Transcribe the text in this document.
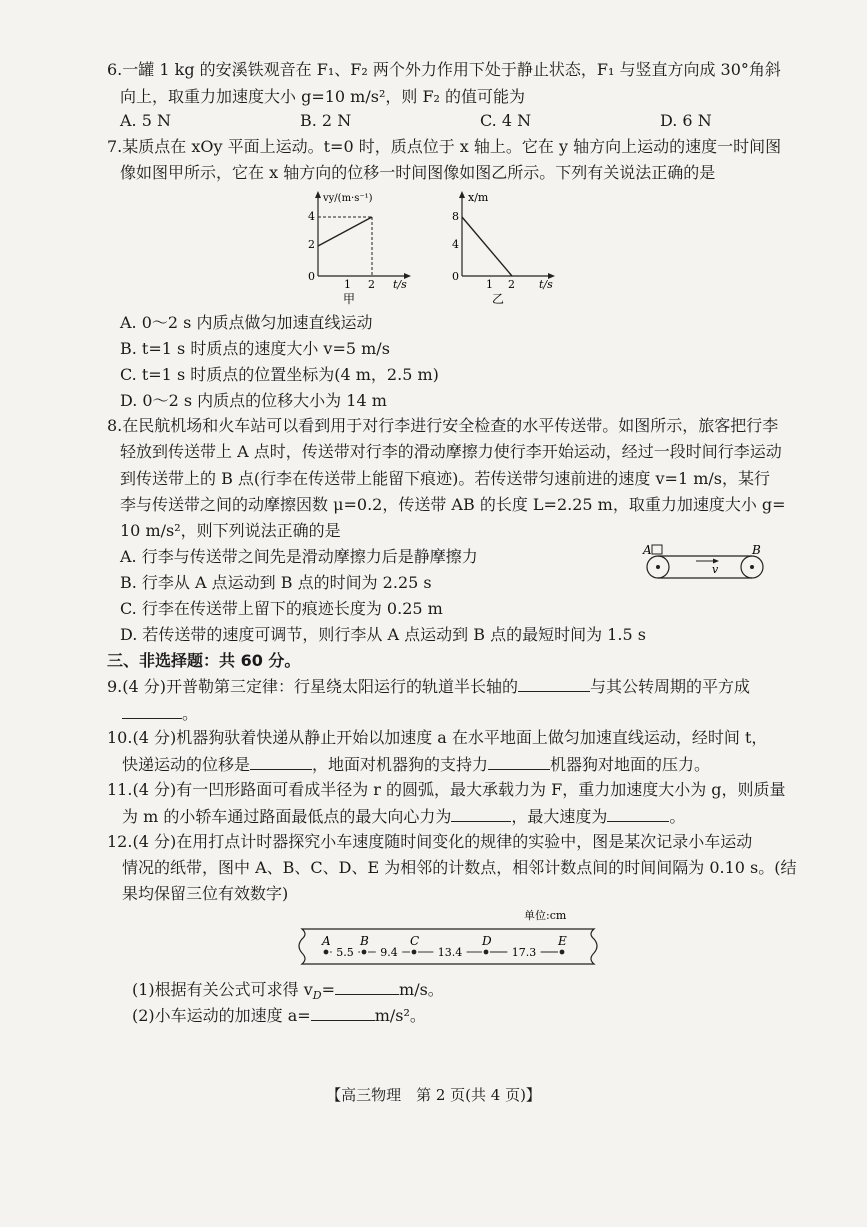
6.一罐 1 kg 的安溪铁观音在 F₁、F₂ 两个外力作用下处于静止状态，F₁ 与竖直方向成 30°角斜
向上，取重力加速度大小 g=10 m/s²，则 F₂ 的值可能为
A. 5 N	B. 2 N	C. 4 N	D. 6 N
7.某质点在 xOy 平面上运动。t=0 时，质点位于 x 轴上。它在 y 轴方向上运动的速度一时间图
像如图甲所示，它在 x 轴方向的位移一时间图像如图乙所示。下列有关说法正确的是
vy/(m·s⁻¹)
t/s
4
2
0
1 2
甲
x/m
t/s
8
4
0
1 2
乙
A. 0～2 s 内质点做匀加速直线运动
B. t=1 s 时质点的速度大小 v=5 m/s
C. t=1 s 时质点的位置坐标为(4 m，2.5 m)
D. 0～2 s 内质点的位移大小为 14 m
8.在民航机场和火车站可以看到用于对行李进行安全检查的水平传送带。如图所示，旅客把行李
轻放到传送带上 A 点时，传送带对行李的滑动摩擦力使行李开始运动，经过一段时间行李运动
到传送带上的 B 点(行李在传送带上能留下痕迹)。若传送带匀速前进的速度 v=1 m/s，某行
李与传送带之间的动摩擦因数 μ=0.2，传送带 AB 的长度 L=2.25 m，取重力加速度大小 g=
10 m/s²，则下列说法正确的是
A. 行李与传送带之间先是滑动摩擦力后是静摩擦力
B. 行李从 A 点运动到 B 点的时间为 2.25 s
C. 行李在传送带上留下的痕迹长度为 0.25 m
D. 若传送带的速度可调节，则行李从 A 点运动到 B 点的最短时间为 1.5 s
A	B
v
三、非选择题：共 60 分。
9.(4 分)开普勒第三定律：行星绕太阳运行的轨道半长轴的	与其公转周期的平方成
。
10.(4 分)机器狗驮着快递从静止开始以加速度 a 在水平地面上做匀加速直线运动，经时间 t，
快递运动的位移是	，地面对机器狗的支持力	机器狗对地面的压力。
11.(4 分)有一凹形路面可看成半径为 r 的圆弧，最大承载力为 F，重力加速度大小为 g，则质量
为 m 的小轿车通过路面最低点的最大向心力为	，最大速度为	。
12.(4 分)在用打点计时器探究小车速度随时间变化的规律的实验中，图是某次记录小车运动
情况的纸带，图中 A、B、C、D、E 为相邻的计数点，相邻计数点间的时间间隔为 0.10 s。(结
果均保留三位有效数字)
单位:cm
A B	C	D	E
5.5 9.4	13.4	17.3
(1)根据有关公式可求得 $v_D=$	m/s。
(2)小车运动的加速度 a=	m/s²。
【高三物理　第 2 页(共 4 页)】
